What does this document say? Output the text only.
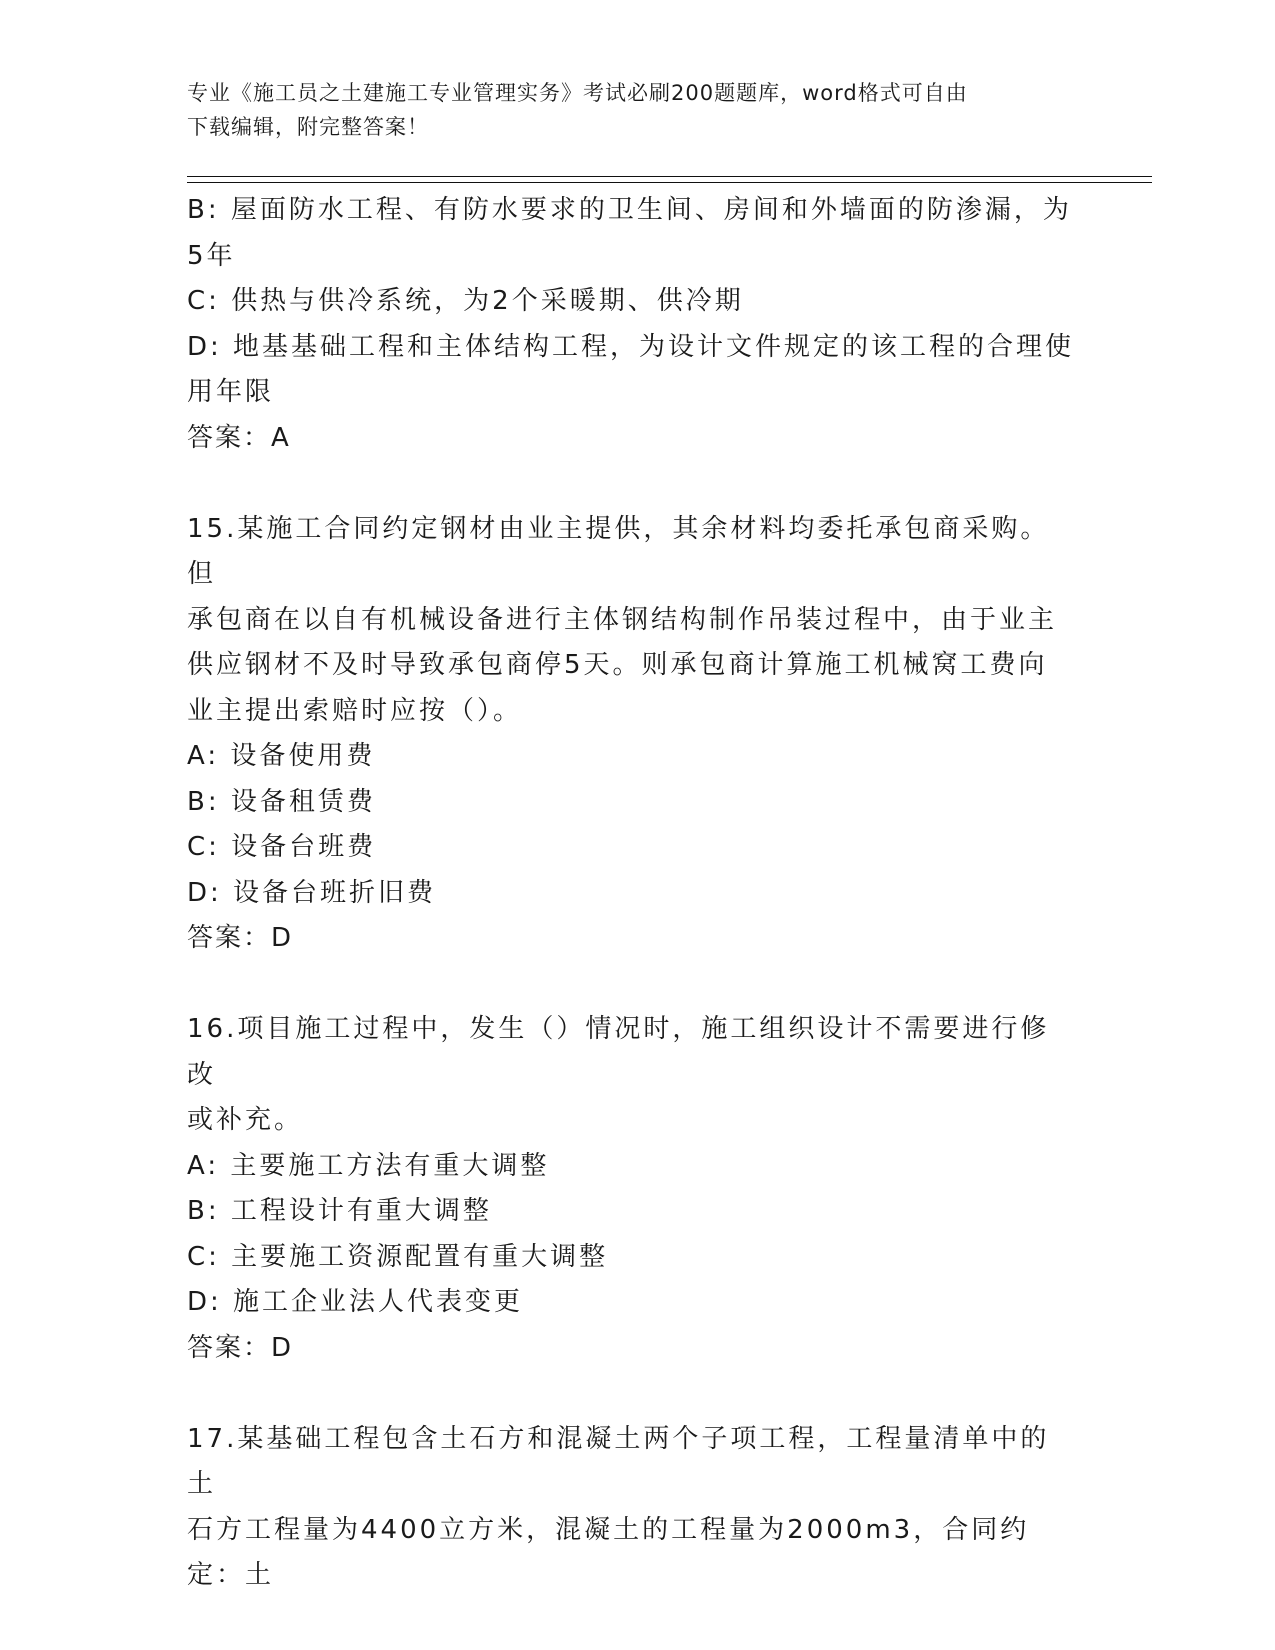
专业《施工员之土建施工专业管理实务》考试必刷200题题库，word格式可自由
下载编辑，附完整答案！
B: 屋面防水工程、有防水要求的卫生间、房间和外墙面的防渗漏，为
5年
C: 供热与供冷系统，为2个采暖期、供冷期
D: 地基基础工程和主体结构工程，为设计文件规定的该工程的合理使
用年限
答案：A
15.某施工合同约定钢材由业主提供，其余材料均委托承包商采购。但
承包商在以自有机械设备进行主体钢结构制作吊装过程中，由于业主
供应钢材不及时导致承包商停5天。则承包商计算施工机械窝工费向
业主提出索赔时应按（）。
A: 设备使用费
B: 设备租赁费
C: 设备台班费
D: 设备台班折旧费
答案：D
16.项目施工过程中，发生（）情况时，施工组织设计不需要进行修改
或补充。
A: 主要施工方法有重大调整
B: 工程设计有重大调整
C: 主要施工资源配置有重大调整
D: 施工企业法人代表变更
答案：D
17.某基础工程包含土石方和混凝土两个子项工程，工程量清单中的土
石方工程量为4400立方米，混凝土的工程量为2000m3，合同约定：土
